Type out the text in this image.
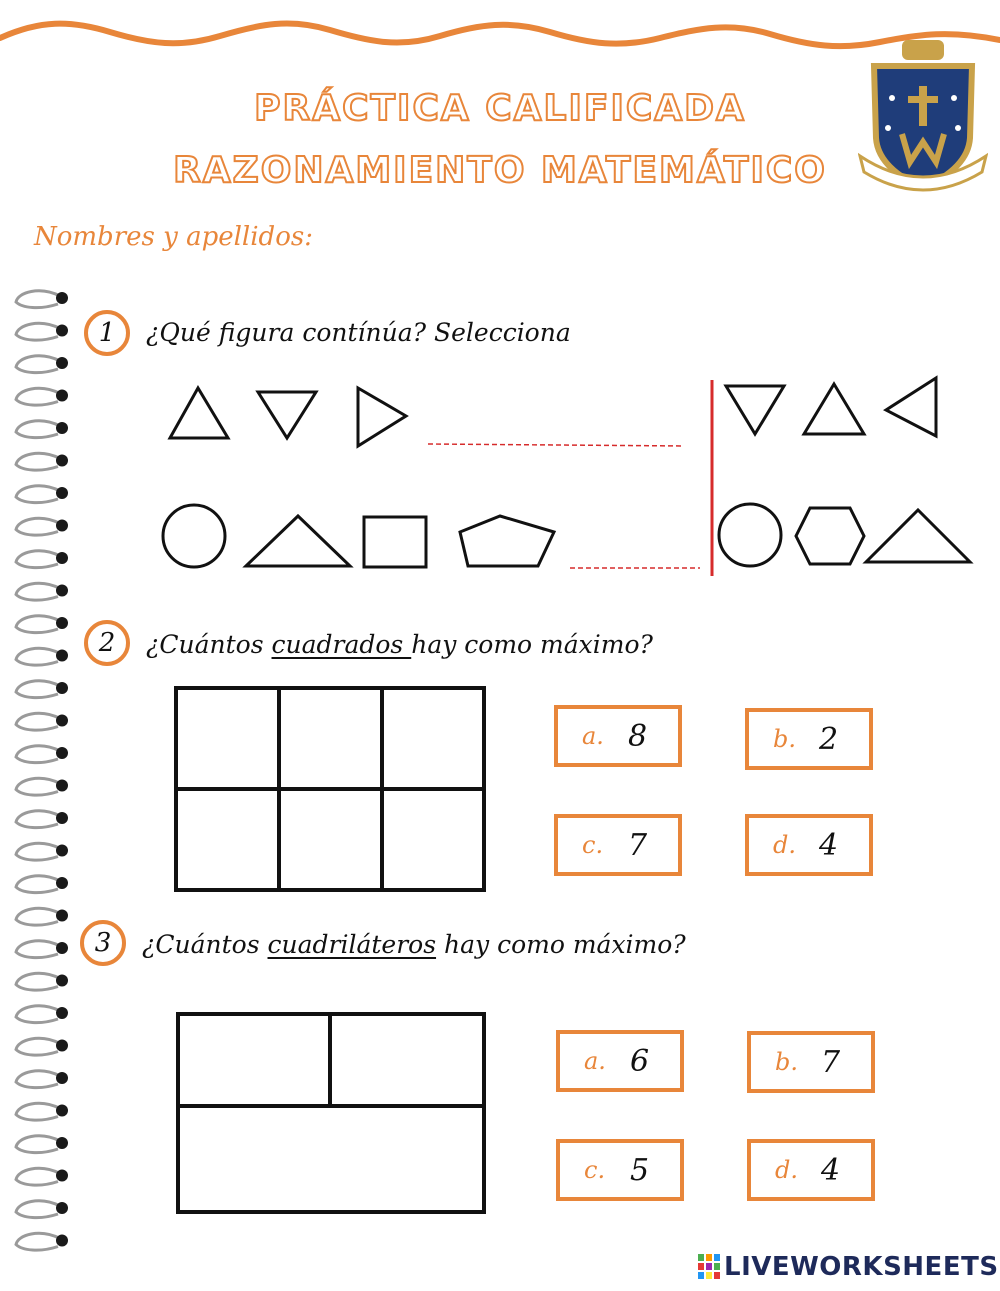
PRÁCTICA CALIFICADA
RAZONAMIENTO MATEMÁTICO
Nombres y apellidos:
1	¿Qué figura contínúa? Selecciona
2	¿Cuántos cuadrados hay como máximo?
a. 8	b. 2
c. 7	d. 4
3	¿Cuántos cuadriláteros hay como máximo?
a. 6	b. 7
c. 5	d. 4
LIVEWORKSHEETS
